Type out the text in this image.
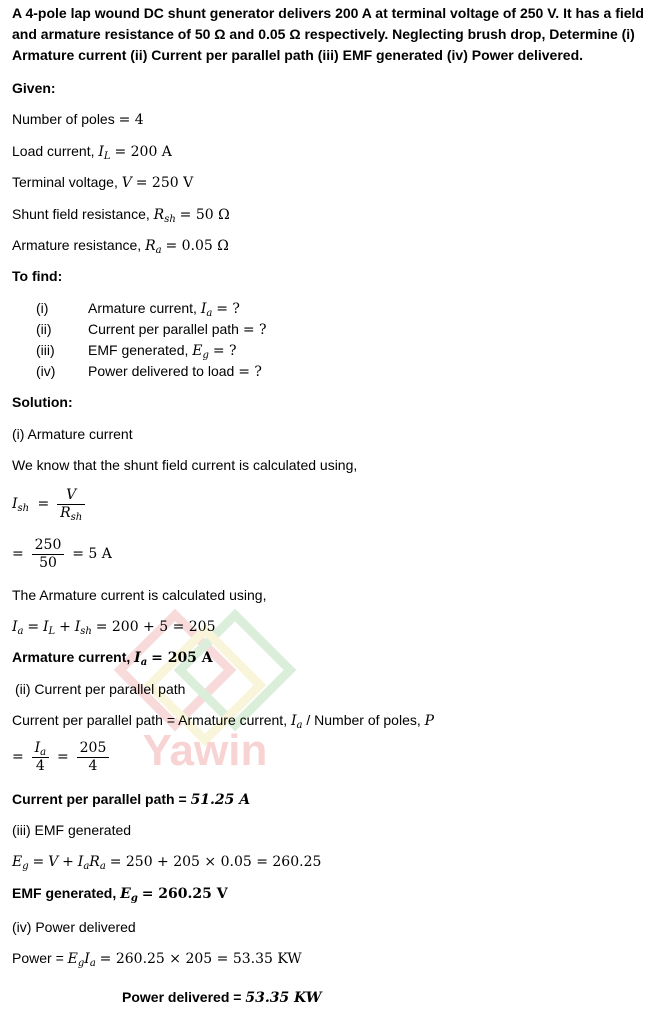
Yawin
A 4-pole lap wound DC shunt generator delivers 200 A at terminal voltage of 250 V. It has a field
and armature resistance of 50 Ω and 0.05 Ω respectively. Neglecting brush drop, Determine (i)
Armature current (ii) Current per parallel path (iii) EMF generated (iv) Power delivered.
Given:
Number of poles = 4
Load current, $I_L = 200$ A
Terminal voltage, V = 250 V
Shunt field resistance, $R_{sh} = 50$ Ω
Armature resistance, $R_a = 0.05$ Ω
To find:
(i)	Armature current, $I_a$ = ?
(ii)	Current per parallel path = ?
(iii) EMF generated, $E_g$ = ?
(iv) Power delivered to load = ?
Solution:
(i) Armature current
We know that the shunt field current is calculated using,
$I_{sh} = \frac{V}{R_{sh}}$
= $\frac{250}{50} = 5$ A
The Armature current is calculated using,
$I_a = I_L + I_{sh} = 200 + 5 = 205$
Armature current, $I_a = 205$ A
(ii) Current per parallel path
Current per parallel path = Armature current, $I_a$ / Number of poles, P
= $\frac{I_a}{4} = \frac{205}{4}$
Current per parallel path = 51.25 A
(iii) EMF generated
$E_g = V + I_aR_a = 250 + 205 \times 0.05 = 260.25$
EMF generated, $E_g = 260.25$ V
(iv) Power delivered
Power = $E_gI_a = 260.25 \times 205 = 53.35$ KW
Power delivered = 53.35 KW
